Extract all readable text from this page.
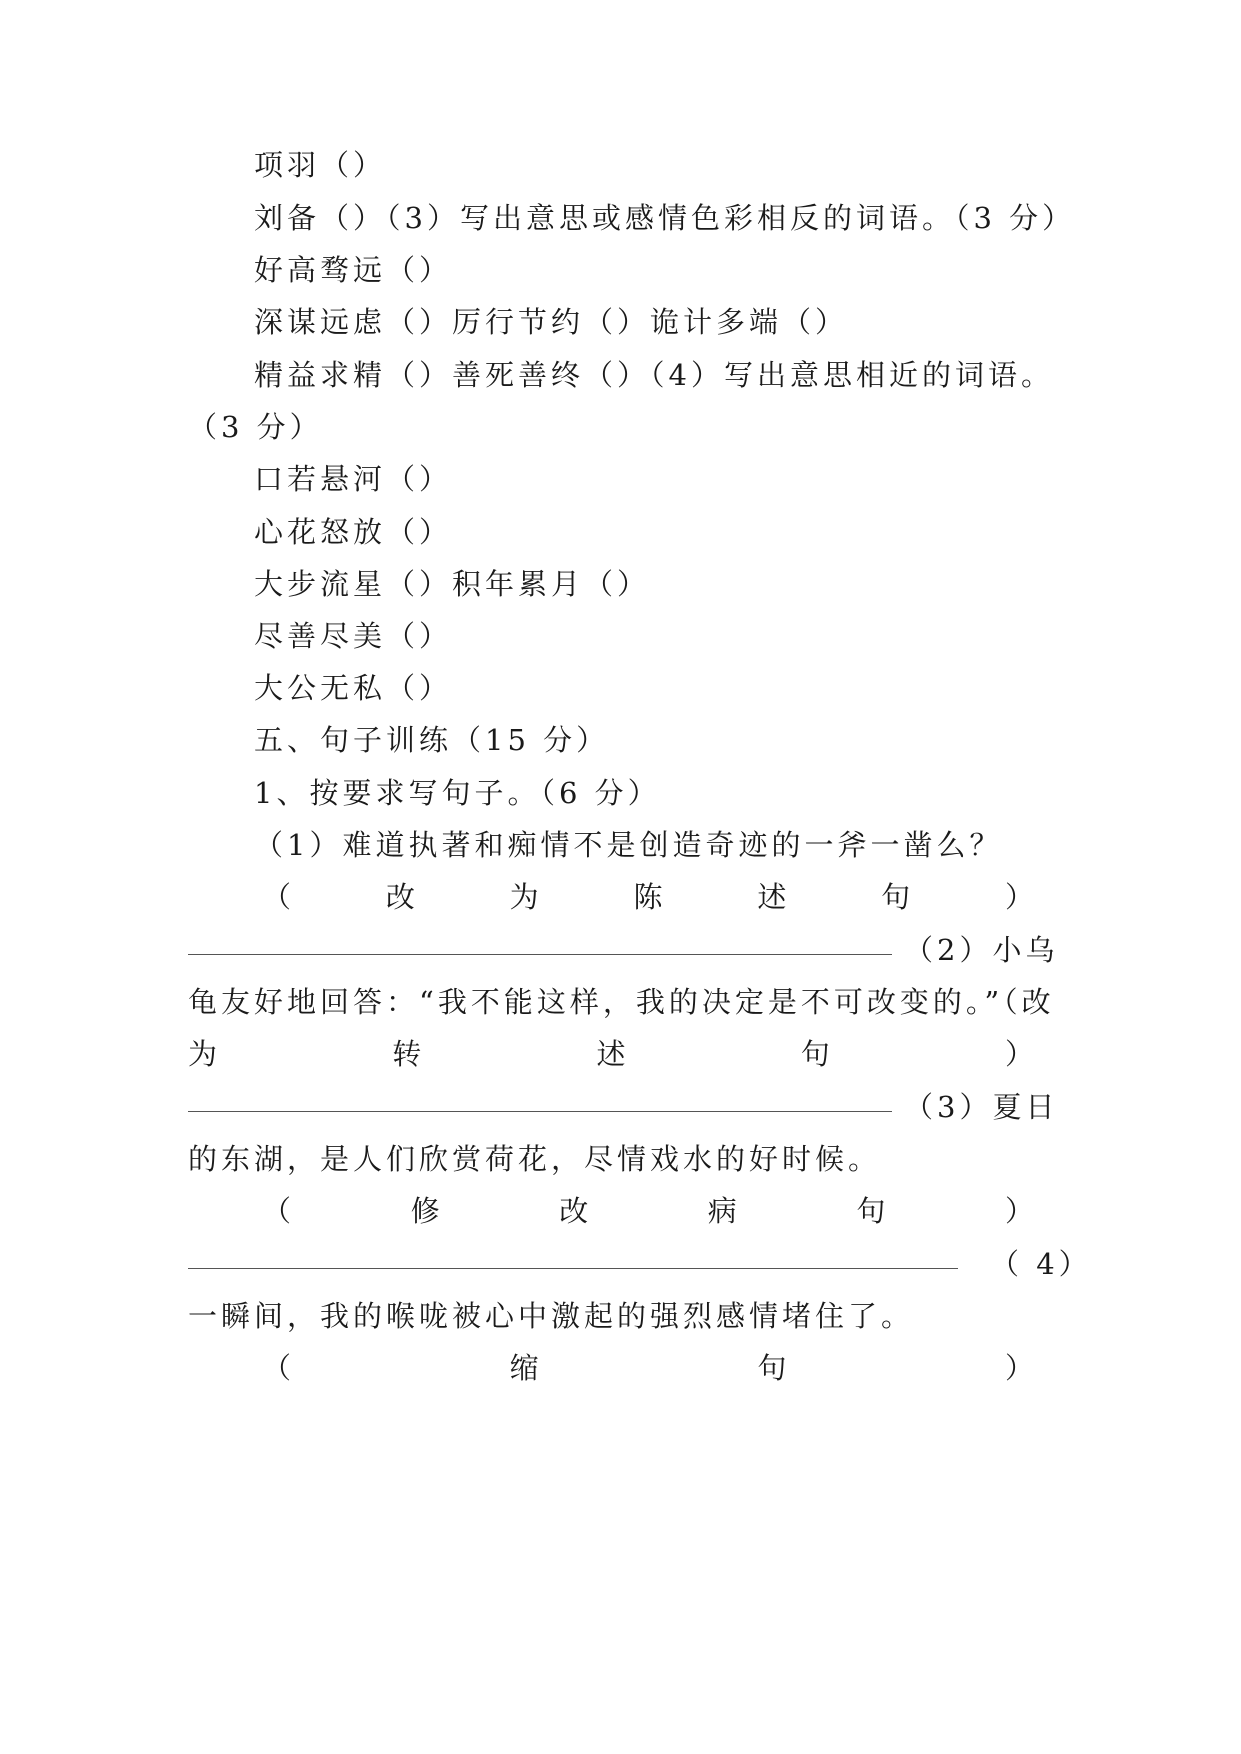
项羽（）
刘备（）（3）写出意思或感情色彩相反的词语。（3 分）
好高骛远（）
深谋远虑（）厉行节约（）诡计多端（）
精益求精（）善死善终（）（4）写出意思相近的词语。
（3 分）
口若悬河（）
心花怒放（）
大步流星（）积年累月（）
尽善尽美（）
大公无私（）
五、句子训练（15 分）
1、按要求写句子。（6 分）
（1）难道执著和痴情不是创造奇迹的一斧一凿么？
（	改	为	陈	述	句	）
（2）小乌
龟友好地回答：“我不能这样，我的决定是不可改变的。”（改
为	转	述	句	）
（3）夏日
的东湖，是人们欣赏荷花，尽情戏水的好时候。
（	修	改	病	句	）
（ 4）
一瞬间，我的喉咙被心中激起的强烈感情堵住了。
（	缩	句	）
